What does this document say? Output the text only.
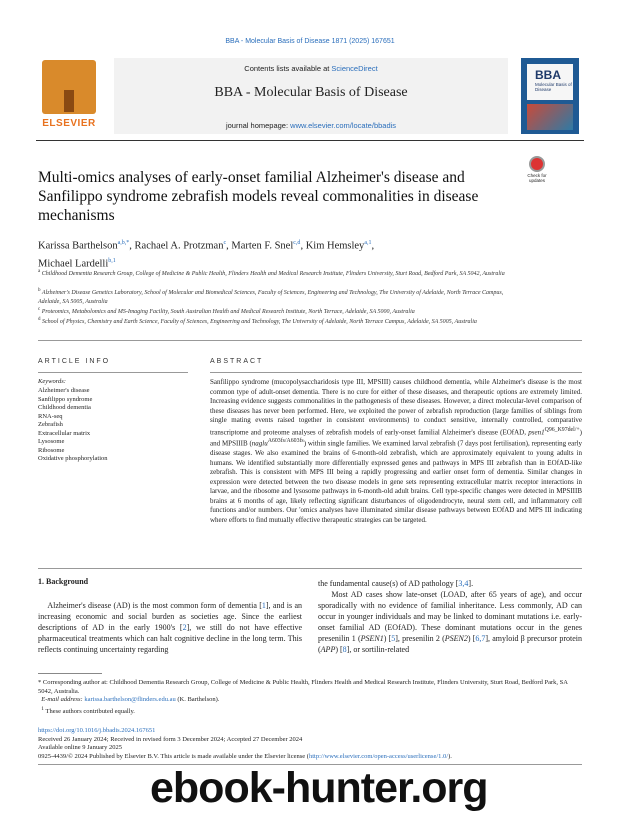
BBA - Molecular Basis of Disease 1871 (2025) 167651
ELSEVIER
Contents lists available at ScienceDirect
BBA - Molecular Basis of Disease
journal homepage: www.elsevier.com/locate/bbadis
BBA
Molecular Basis of Disease
Multi-omics analyses of early-onset familial Alzheimer's disease and Sanfilippo syndrome zebrafish models reveal commonalities in disease mechanisms
Check for updates
Karissa Barthelson$^{a,b,*}$, Rachael A. Protzman$^c$, Marten F. Snel$^{c,d}$, Kim Hemsley$^{a,1}$,
Michael Lardelli$^{b,1}$
$^a$ Childhood Dementia Research Group, College of Medicine & Public Health, Flinders Health and Medical Research Institute, Flinders University, Sturt Road, Bedford Park, SA 5042, Australia
$^b$ Alzheimer's Disease Genetics Laboratory, School of Molecular and Biomedical Sciences, Faculty of Sciences, Engineering and Technology, The University of Adelaide, North Terrace Campus, Adelaide, SA 5005, Australia
$^c$ Proteomics, Metabolomics and MS-Imaging Facility, South Australian Health and Medical Research Institute, North Terrace, Adelaide, SA 5000, Australia
$^d$ School of Physics, Chemistry and Earth Science, Faculty of Sciences, Engineering and Technology, The University of Adelaide, North Terrace Campus, Adelaide, SA 5005, Australia
ARTICLE INFO	ABSTRACT
Keywords:
Alzheimer's disease
Sanfilippo syndrome
Childhood dementia
RNA-seq
Zebrafish
Extracellular matrix
Lysosome
Ribosome
Oxidative phosphorylation
Sanfilippo syndrome (mucopolysaccharidosis type III, MPSIII) causes childhood dementia, while Alzheimer's disease is the most common type of adult-onset dementia. There is no cure for either of these diseases, and therapeutic options are extremely limited. Increasing evidence suggests commonalities in the pathogenesis of these diseases. However, a direct molecular-level comparison of these diseases has never been performed. Here, we exploited the power of zebrafish reproduction (large families of siblings from single mating events raised together in consistent environments) to conduct sensitive, internally controlled, comparative transcriptome and proteome analyses of zebrafish models of early-onset familial Alzheimer's disease (EOfAD, $psen1^{Q96\_K97del/+}$) and MPSIIIB (naglu$^{A603fs/A603fs}$) within single families. We examined larval zebrafish (7 days post fertilisation), representing early disease stages. We also examined the brains of 6-month-old zebrafish, which are approximately equivalent to young adults in humans. We identified substantially more differentially expressed genes and pathways in MPS III zebrafish than in EOfAD-like zebrafish. This is consistent with MPS III being a rapidly progressing and earlier onset form of dementia. Similar changes in expression were detected between the two disease models in gene sets representing extracellular matrix receptor interactions in larvae, and the ribosome and lysosome pathways in 6-month-old adult brains. Cell type-specific changes were detected in MPSIIIB brains at 6 months of age, likely reflecting significant disturbances of oligodendrocyte, neural stem cell, and inflammatory cell functions and/or numbers. Our 'omics analyses have illuminated similar disease pathways between EOfAD and MPS III indicating where efforts to find mutually effective therapeutic strategies can be targeted.
1. Background
Alzheimer's disease (AD) is the most common form of dementia [1], and is an increasing economic and social burden as societies age. Since the earliest descriptions of AD in the early 1900's [2], we still do not have effective pharmaceutical treatments which can halt cognitive decline in the long term. This reflects continuing uncertainty regarding
the fundamental cause(s) of AD pathology [3,4].
Most AD cases show late-onset (LOAD, after 65 years of age), and occur sporadically with no evidence of familial inheritance. Less commonly, AD can occur in younger individuals and may be linked to dominant mutations i.e. early-onset familial AD (EOfAD). These dominant mutations occur in the genes presenilin 1 (PSEN1) [5], presenilin 2 (PSEN2) [6,7], amyloid β precursor protein (APP) [8], or sortilin-related
* Corresponding author at: Childhood Dementia Research Group, College of Medicine & Public Health, Flinders Health and Medical Research Institute, Flinders University, Sturt Road, Bedford Park, SA 5042, Australia.
E-mail address: karissa.barthelson@flinders.edu.au (K. Barthelson).
$^1$ These authors contributed equally.
https://doi.org/10.1016/j.bbadis.2024.167651
Received 26 January 2024; Received in revised form 3 December 2024; Accepted 27 December 2024
Available online 9 January 2025
0925-4439/© 2024 Published by Elsevier B.V. This article is made available under the Elsevier license (http://www.elsevier.com/open-access/userlicense/1.0/).
ebook-hunter.org
